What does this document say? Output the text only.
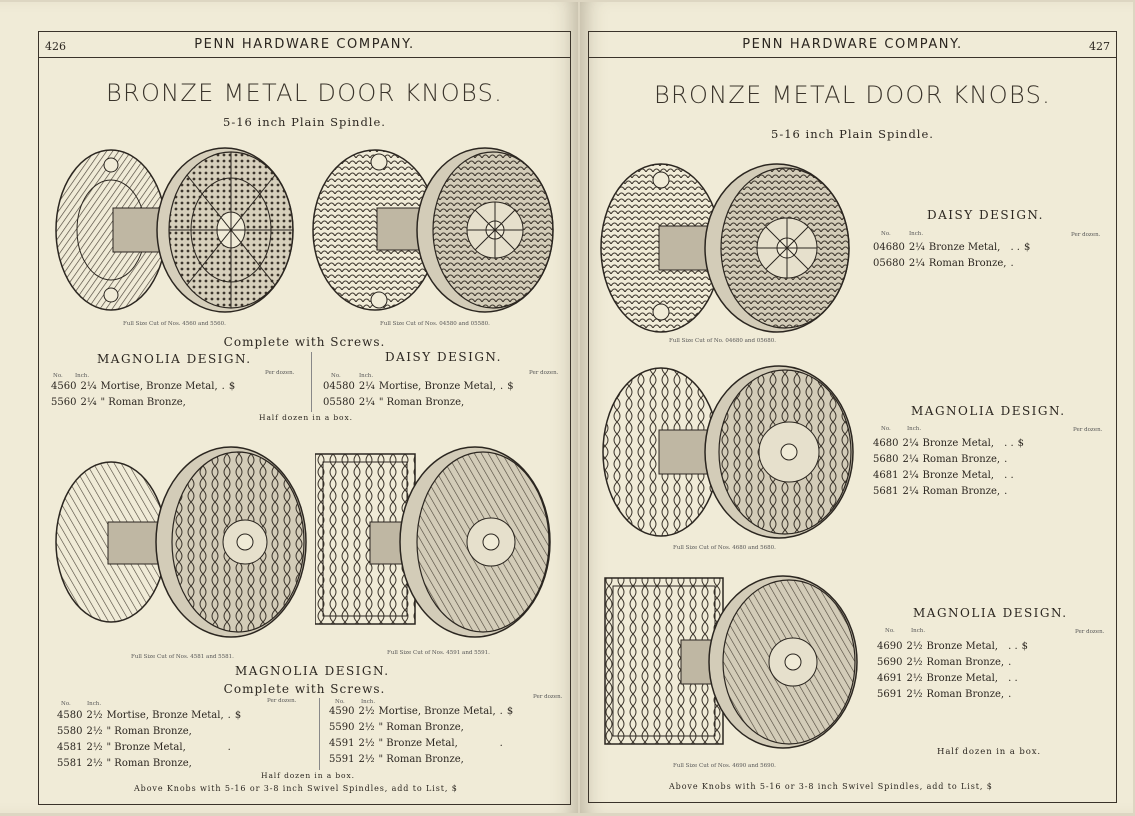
426	PENN HARDWARE COMPANY.
BRONZE METAL DOOR KNOBS.
5-16 inch Plain Spindle.
Full Size Cut of Nos. 4560 and 5560.	Full Size Cut of Nos. 04580 and 05580.
Complete with Screws.
MAGNOLIA DESIGN.	DAISY DESIGN.
No. Inch.	Per dozen.
4560	2¼	Mortise, Bronze Metal,	.	$
5560	2¼	" Roman Bronze,		
No.	Inch.	Per dozen.
04580	2¼	Mortise, Bronze Metal,	.	$
05580	2¼	" Roman Bronze,		
Half dozen in a box.
Full Size Cut of Nos. 4581 and 5581.
Full Size Cut of Nos. 4591 and 5591.
MAGNOLIA DESIGN.
Complete with Screws.
No.	Inch.	Per dozen.
4580	2½	Mortise, Bronze Metal,	.	$
5580	2½	" Roman Bronze,		
4581	2½	" Bronze Metal,	.	
5581	2½	" Roman Bronze,		
No.	Inch.
Per dozen.
4590	2½	Mortise, Bronze Metal,	.	$
5590	2½	" Roman Bronze,		
4591	2½	" Bronze Metal,	.	
5591	2½	" Roman Bronze,		
Half dozen in a box.
Above Knobs with 5-16 or 3-8 inch Swivel Spindles, add to List, $
427
PENN HARDWARE COMPANY.
BRONZE METAL DOOR KNOBS.
5-16 inch Plain Spindle.
Full Size Cut of No. 04680 and 05680.
DAISY DESIGN.
No.	Inch.	Per dozen.
04680	2¼	Bronze Metal,	. .	$
05680	2¼	Roman Bronze,	.	
Full Size Cut of Nos. 4680 and 5680.
MAGNOLIA DESIGN.
No.	Inch.	Per dozen.
4680	2¼	Bronze Metal,	. .	$
5680	2¼	Roman Bronze,	.	
4681	2¼	Bronze Metal,	. .	
5681	2¼	Roman Bronze,	.	
Full Size Cut of Nos. 4690 and 5690.
MAGNOLIA DESIGN.
No.	Inch.	Per dozen.
4690	2½	Bronze Metal,	. .	$
5690	2½	Roman Bronze,	.	
4691	2½	Bronze Metal,	. .	
5691	2½	Roman Bronze,	.	
Half dozen in a box.
Above Knobs with 5-16 or 3-8 inch Swivel Spindles, add to List, $
